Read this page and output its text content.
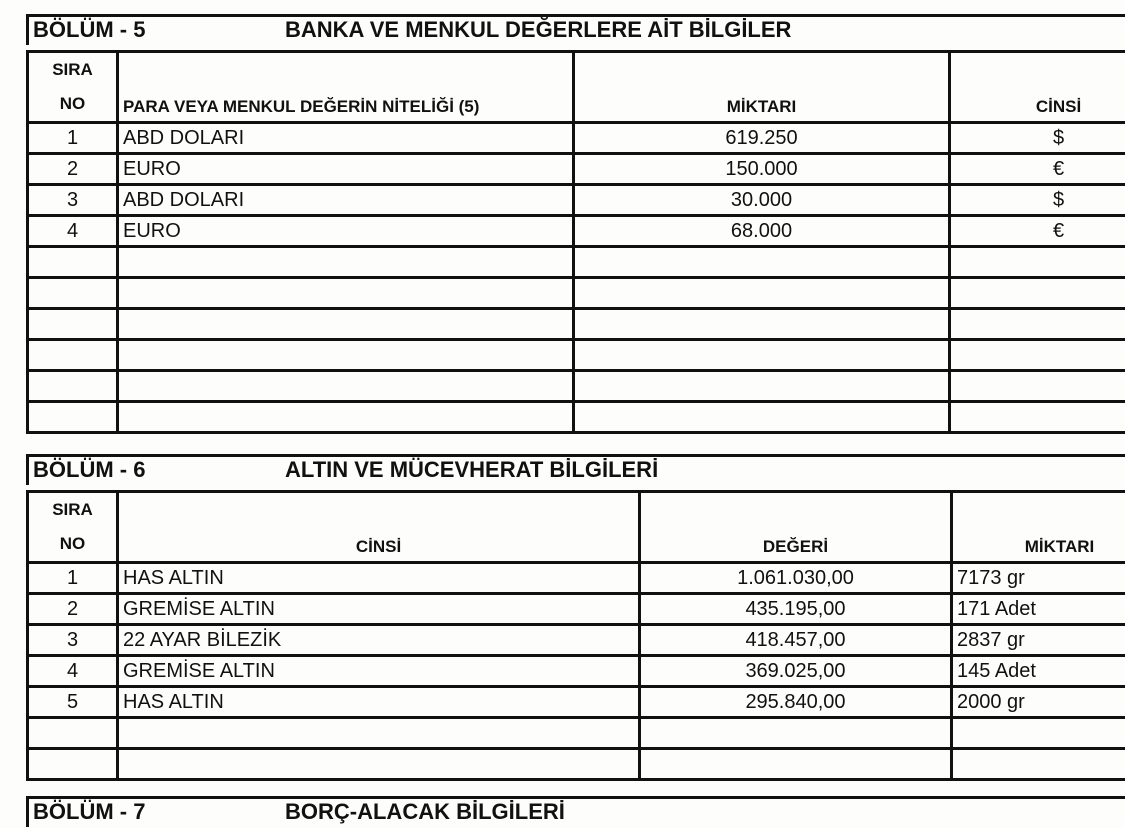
BÖLÜM - 5	BANKA VE MENKUL DEĞERLERE AİT BİLGİLER
SIRA
NO	PARA VEYA MENKUL DEĞERİN NİTELİĞİ (5)	MİKTARI	CİNSİ
1	ABD DOLARI	619.250	$
2	EURO	150.000	€
3	ABD DOLARI	30.000	$
4	EURO	68.000	€

BÖLÜM - 6	ALTIN VE MÜCEVHERAT BİLGİLERİ
SIRA
NO	CİNSİ	DEĞERİ	MİKTARI
1	HAS ALTIN	1.061.030,00	7173 gr
2	GREMİSE ALTIN	435.195,00	171 Adet
3	22 AYAR BİLEZİK	418.457,00	2837 gr
4	GREMİSE ALTIN	369.025,00	145 Adet
5	HAS ALTIN	295.840,00	2000 gr

BÖLÜM - 7	BORÇ-ALACAK BİLGİLERİ
